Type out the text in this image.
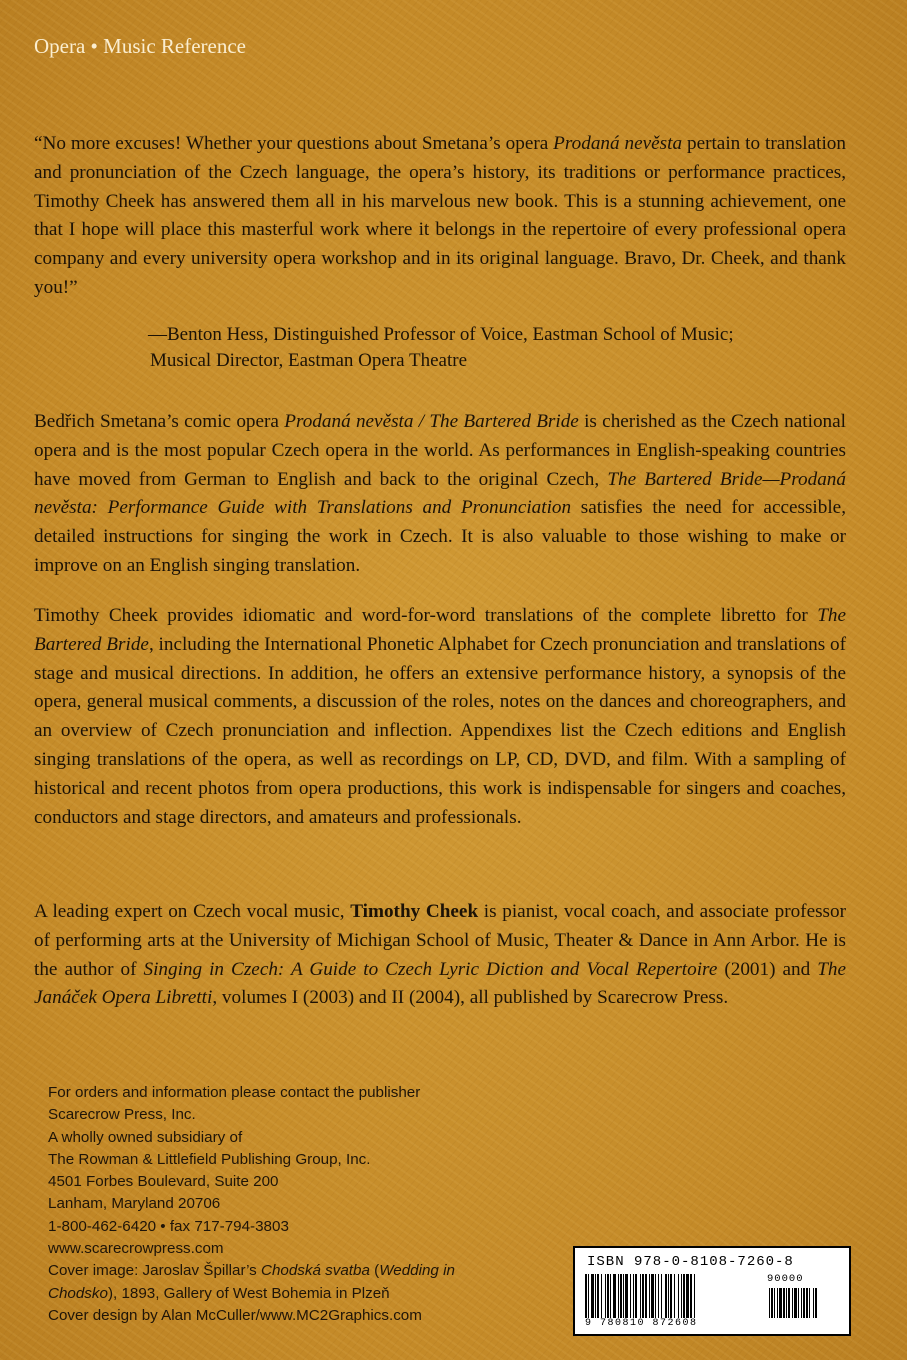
Opera • Music Reference

“No more excuses! Whether your questions about Smetana’s opera Prodaná nevěsta pertain to translation and pronunciation of the Czech language, the opera’s history, its traditions or performance practices, Timothy Cheek has answered them all in his marvelous new book. This is a stunning achievement, one that I hope will place this masterful work where it belongs in the repertoire of every professional opera company and every university opera workshop and in its original language. Bravo, Dr. Cheek, and thank you!”

—Benton Hess, Distinguished Professor of Voice, Eastman School of Music;
Musical Director, Eastman Opera Theatre

Bedřich Smetana’s comic opera Prodaná nevěsta / The Bartered Bride is cherished as the Czech national opera and is the most popular Czech opera in the world. As performances in English-speaking countries have moved from German to English and back to the original Czech, The Bartered Bride—Prodaná nevěsta: Performance Guide with Translations and Pronunciation satisfies the need for accessible, detailed instructions for singing the work in Czech. It is also valuable to those wishing to make or improve on an English singing translation.

Timothy Cheek provides idiomatic and word-for-word translations of the complete libretto for The Bartered Bride, including the International Phonetic Alphabet for Czech pronunciation and translations of stage and musical directions. In addition, he offers an extensive performance history, a synopsis of the opera, general musical comments, a discussion of the roles, notes on the dances and choreographers, and an overview of Czech pronunciation and inflection. Appendixes list the Czech editions and English singing translations of the opera, as well as recordings on LP, CD, DVD, and film. With a sampling of historical and recent photos from opera productions, this work is indispensable for singers and coaches, conductors and stage directors, and amateurs and professionals.

A leading expert on Czech vocal music, Timothy Cheek is pianist, vocal coach, and associate professor of performing arts at the University of Michigan School of Music, Theater & Dance in Ann Arbor. He is the author of Singing in Czech: A Guide to Czech Lyric Diction and Vocal Repertoire (2001) and The Janáček Opera Libretti, volumes I (2003) and II (2004), all published by Scarecrow Press.

For orders and information please contact the publisher
Scarecrow Press, Inc.
A wholly owned subsidiary of
The Rowman & Littlefield Publishing Group, Inc.
4501 Forbes Boulevard, Suite 200
Lanham, Maryland 20706
1-800-462-6420 • fax 717-794-3803
www.scarecrowpress.com
Cover image: Jaroslav Špillar’s Chodská svatba (Wedding in
Chodsko), 1893, Gallery of West Bohemia in Plzeň
Cover design by Alan McCuller/www.MC2Graphics.com
ISBN 978-0-8108-7260-8
90000
9 780810 872608
